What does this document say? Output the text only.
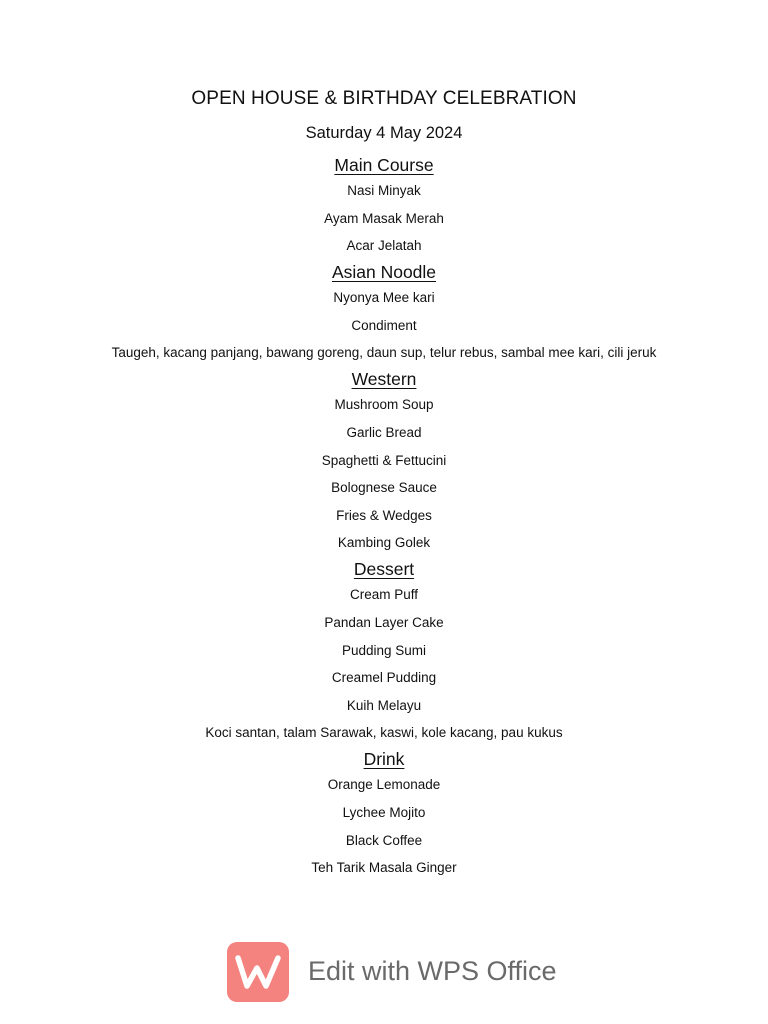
OPEN HOUSE & BIRTHDAY CELEBRATION
Saturday 4 May 2024
Main Course
Nasi Minyak
Ayam Masak Merah
Acar Jelatah
Asian Noodle
Nyonya Mee kari
Condiment
Taugeh, kacang panjang, bawang goreng, daun sup, telur rebus, sambal mee kari, cili jeruk
Western
Mushroom Soup
Garlic Bread
Spaghetti & Fettucini
Bolognese Sauce
Fries & Wedges
Kambing Golek
Dessert
Cream Puff
Pandan Layer Cake
Pudding Sumi
Creamel Pudding
Kuih Melayu
Koci santan, talam Sarawak, kaswi, kole kacang, pau kukus
Drink
Orange Lemonade
Lychee Mojito
Black Coffee
Teh Tarik Masala Ginger
Edit with WPS Office
